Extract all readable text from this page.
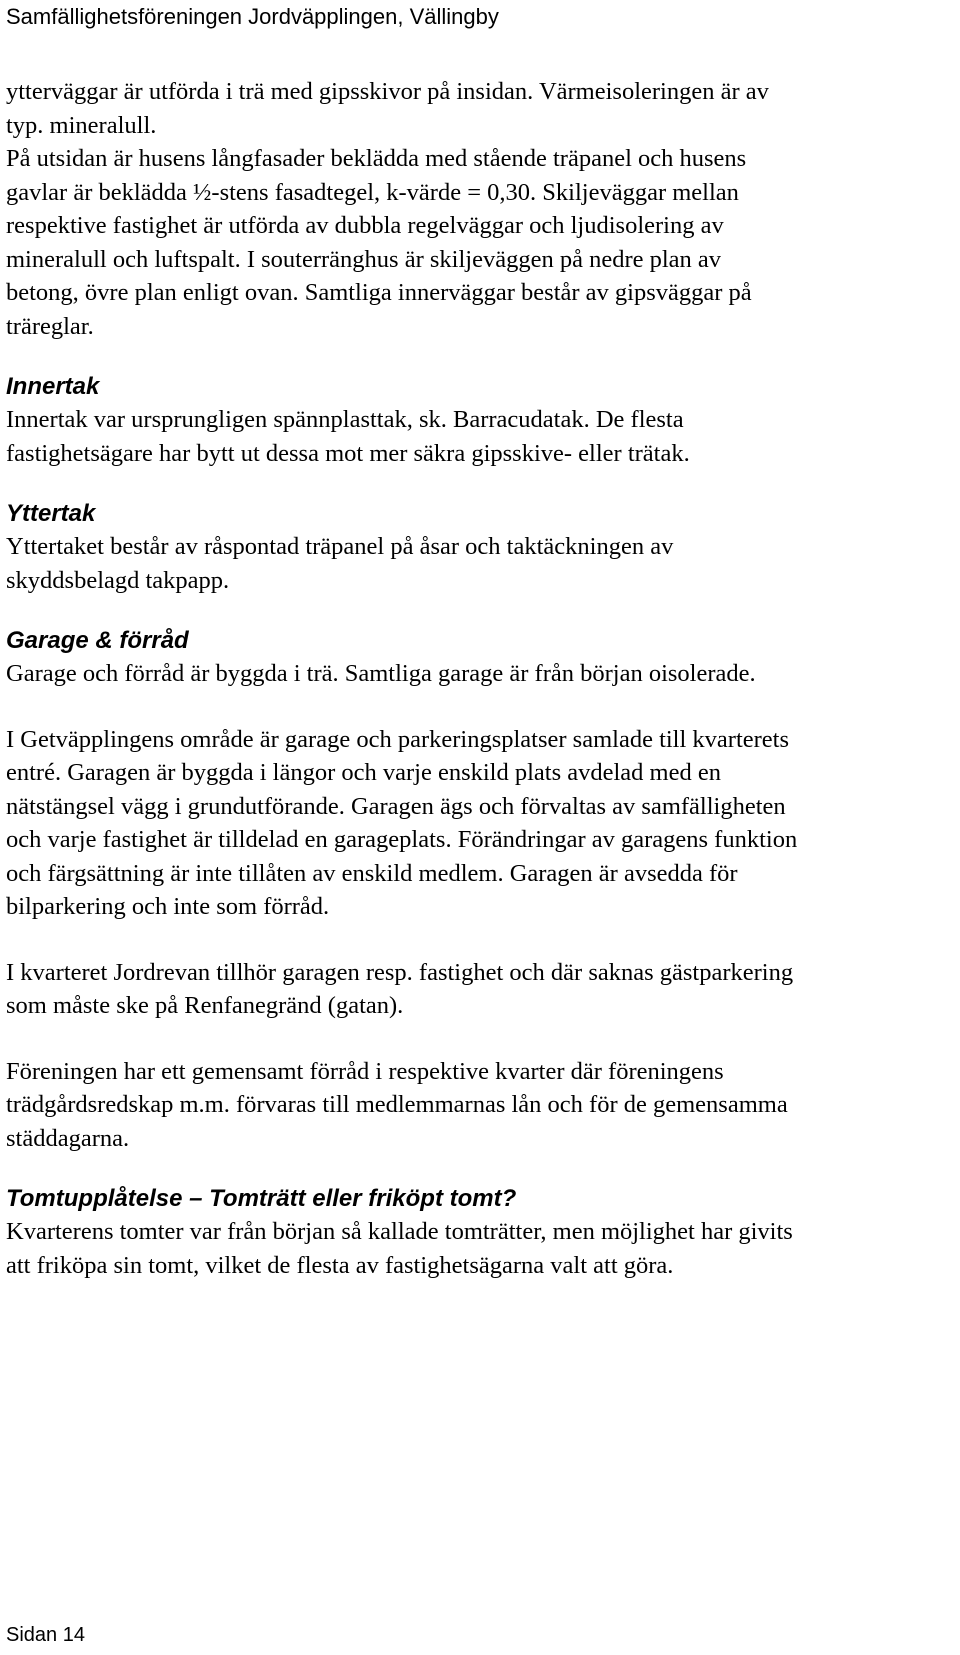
Samfällighetsföreningen Jordväpplingen, Vällingby

ytterväggar är utförda i trä med gipsskivor på insidan. Värmeisoleringen är av
typ. mineralull.
På utsidan är husens långfasader beklädda med stående träpanel och husens
gavlar är beklädda ½-stens fasadtegel, k-värde = 0,30. Skiljeväggar mellan
respektive fastighet är utförda av dubbla regelväggar och ljudisolering av
mineralull och luftspalt. I souterränghus är skiljeväggen på nedre plan av
betong, övre plan enligt ovan. Samtliga innerväggar består av gipsväggar på
träreglar.

Innertak

Innertak var ursprungligen spännplasttak, sk. Barracudatak. De flesta
fastighetsägare har bytt ut dessa mot mer säkra gipsskive- eller trätak.

Yttertak

Yttertaket består av råspontad träpanel på åsar och taktäckningen av
skyddsbelagd takpapp.

Garage & förråd

Garage och förråd är byggda i trä. Samtliga garage är från början oisolerade.

I Getväpplingens område är garage och parkeringsplatser samlade till kvarterets
entré. Garagen är byggda i längor och varje enskild plats avdelad med en
nätstängsel vägg i grundutförande. Garagen ägs och förvaltas av samfälligheten
och varje fastighet är tilldelad en garageplats. Förändringar av garagens funktion
och färgsättning är inte tillåten av enskild medlem. Garagen är avsedda för
bilparkering och inte som förråd.

I kvarteret Jordrevan tillhör garagen resp. fastighet och där saknas gästparkering
som måste ske på Renfanegränd (gatan).

Föreningen har ett gemensamt förråd i respektive kvarter där föreningens
trädgårdsredskap m.m. förvaras till medlemmarnas lån och för de gemensamma
städdagarna.

Tomtupplåtelse – Tomträtt eller friköpt tomt?

Kvarterens tomter var från början så kallade tomträtter, men möjlighet har givits
att friköpa sin tomt, vilket de flesta av fastighetsägarna valt att göra.

Sidan 14
